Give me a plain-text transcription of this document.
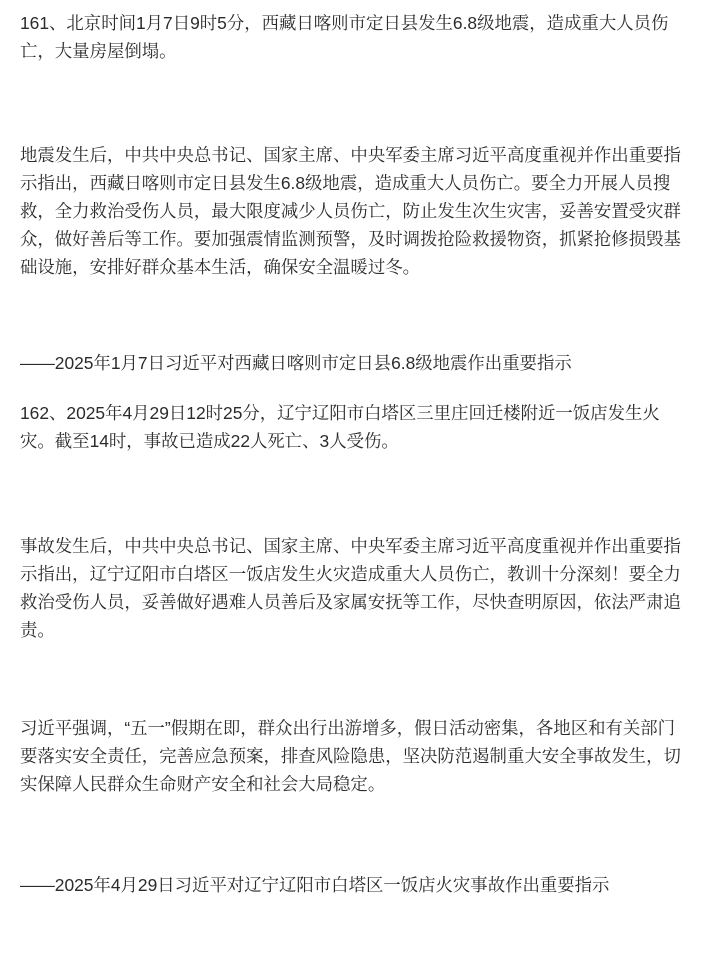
161、北京时间1月7日9时5分，西藏日喀则市定日县发生6.8级地震，造成重大人员伤亡，大量房屋倒塌。

地震发生后，中共中央总书记、国家主席、中央军委主席习近平高度重视并作出重要指示指出，西藏日喀则市定日县发生6.8级地震，造成重大人员伤亡。要全力开展人员搜救，全力救治受伤人员，最大限度减少人员伤亡，防止发生次生灾害，妥善安置受灾群众，做好善后等工作。要加强震情监测预警，及时调拨抢险救援物资，抓紧抢修损毁基础设施，安排好群众基本生活，确保安全温暖过冬。

——2025年1月7日习近平对西藏日喀则市定日县6.8级地震作出重要指示

162、2025年4月29日12时25分，辽宁辽阳市白塔区三里庄回迁楼附近一饭店发生火灾。截至14时，事故已造成22人死亡、3人受伤。

事故发生后，中共中央总书记、国家主席、中央军委主席习近平高度重视并作出重要指示指出，辽宁辽阳市白塔区一饭店发生火灾造成重大人员伤亡，教训十分深刻！要全力救治受伤人员，妥善做好遇难人员善后及家属安抚等工作，尽快查明原因，依法严肃追责。

习近平强调，“五一”假期在即，群众出行出游增多，假日活动密集，各地区和有关部门要落实安全责任，完善应急预案，排查风险隐患，坚决防范遏制重大安全事故发生，切实保障人民群众生命财产安全和社会大局稳定。

——2025年4月29日习近平对辽宁辽阳市白塔区一饭店火灾事故作出重要指示
